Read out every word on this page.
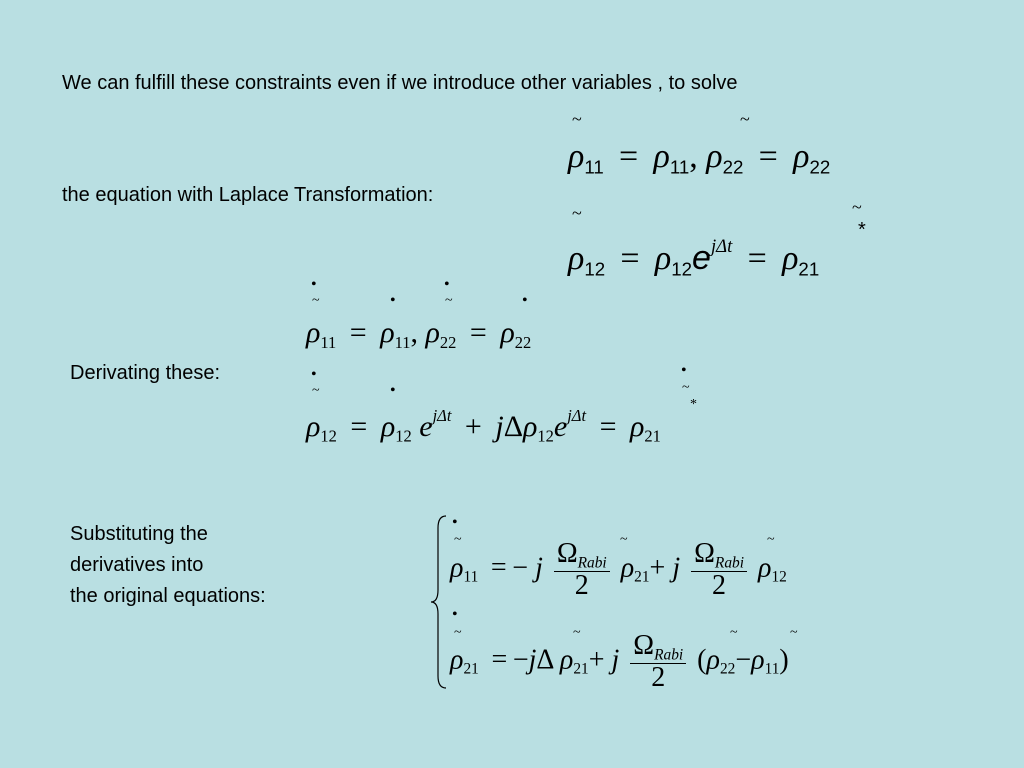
We can fulfill these constraints even if we introduce other variables , to solve
the equation with Laplace Transformation:
ρ11 = ρ11, ρ22 = ρ22
~	~
$\rho 12 = \rho 12e^{j\Delta t} = \rho 21$
~	~
*
ρ11 = ρ11, ρ22 = ρ22
•
~	•
•
~	•
Derivating these:
ρ12 = ρ12 $e^{j\Delta t} + j\Delta\rho 12e^{j\Delta t} = \rho 21$
•
~	•
•
~
*
Substituting the
derivatives into
the original equations:
ρ11 = − j $\frac{\text{ΩRabi}}{2} \rho 21+ j \frac{\text{ΩRabi}}{2} \rho 12$
•
~	~	~
ρ21 = −jΔ ρ21+ j $\frac{\text{ΩRabi}}{2} (\rho 22-\rho 11)$
•
~	~	~	~
